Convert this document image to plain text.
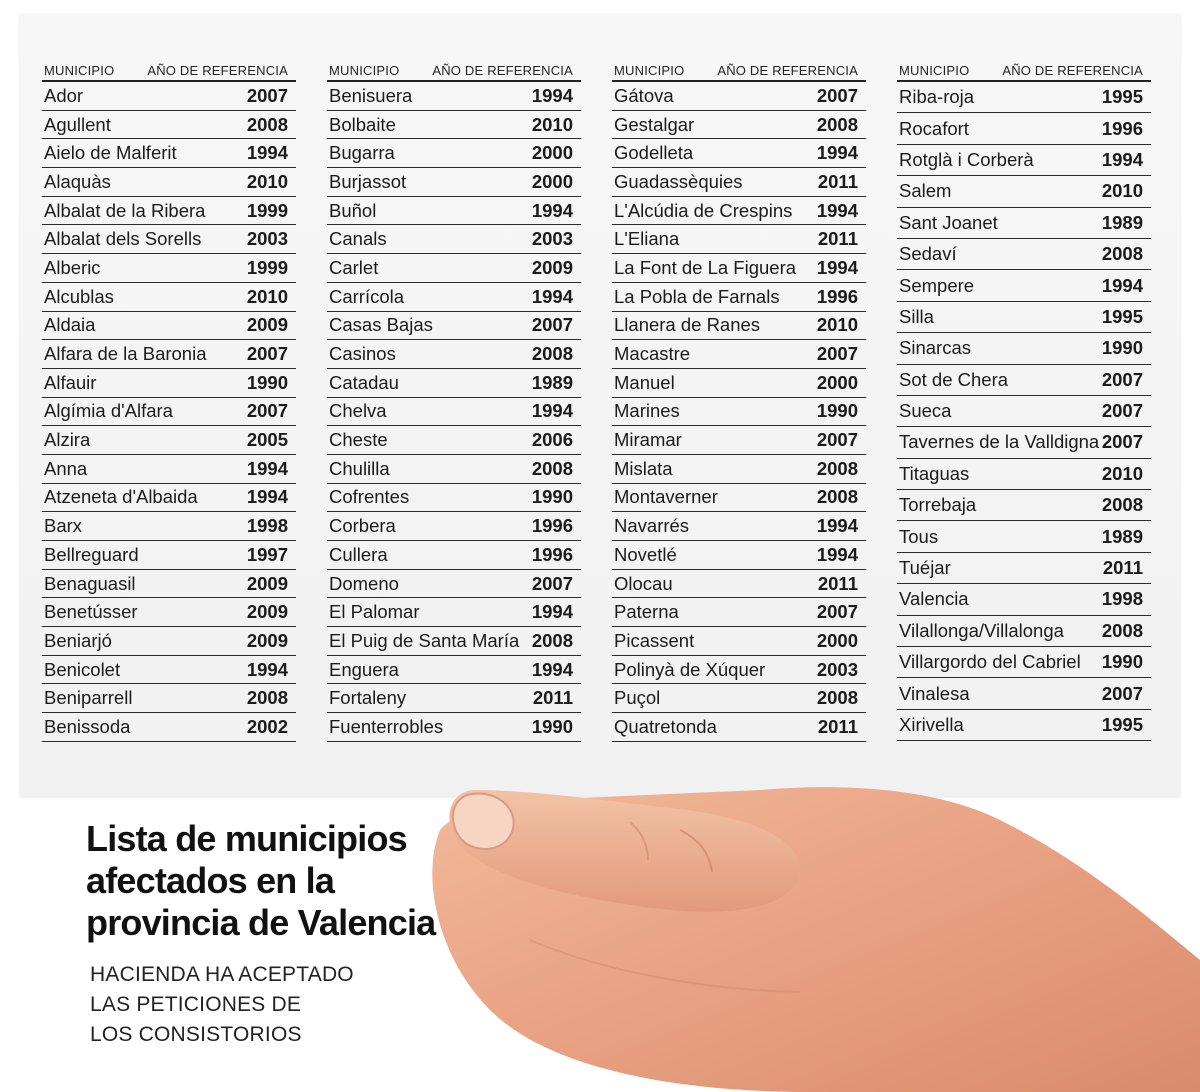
MUNICIPIO	AÑO DE REFERENCIA
Ador	2007
Agullent	2008
Aielo de Malferit	1994
Alaquàs	2010
Albalat de la Ribera 1999
Albalat dels Sorells 2003
Alberic	1999
Alcublas	2010
Aldaia	2009
Alfara de la Baronia 2007
Alfauir	1990
Algímia d'Alfara	2007
Alzira	2005
Anna	1994
Atzeneta d'Albaida	1994
Barx	1998
Bellreguard	1997
Benaguasil	2009
Benetússer	2009
Beniarjó	2009
Benicolet	1994
Beniparrell	2008
Benissoda	2002
MUNICIPIO	AÑO DE REFERENCIA
Benisuera	1994
Bolbaite	2010
Bugarra	2000
Burjassot	2000
Buñol	1994
Canals	2003
Carlet	2009
Carrícola	1994
Casas Bajas	2007
Casinos	2008
Catadau	1989
Chelva	1994
Cheste	2006
Chulilla	2008
Cofrentes	1990
Corbera	1996
Cullera	1996
Domeno	2007
El Palomar	1994
El Puig de Santa María 2008
Enguera	1994
Fortaleny	2011
Fuenterrobles	1990
MUNICIPIO	AÑO DE REFERENCIA
Gátova	2007
Gestalgar	2008
Godelleta	1994
Guadassèquies	2011
L'Alcúdia de Crespins 1994
L'Eliana	2011
La Font de La Figuera 1994
La Pobla de Farnals 1996
Llanera de Ranes	2010
Macastre	2007
Manuel	2000
Marines	1990
Miramar	2007
Mislata	2008
Montaverner	2008
Navarrés	1994
Novetlé	1994
Olocau	2011
Paterna	2007
Picassent	2000
Polinyà de Xúquer	2003
Puçol	2008
Quatretonda	2011
MUNICIPIO	AÑO DE REFERENCIA
Riba-roja	1995
Rocafort	1996
Rotglà i Corberà	1994
Salem	2010
Sant Joanet	1989
Sedaví	2008
Sempere	1994
Silla	1995
Sinarcas	1990
Sot de Chera	2007
Sueca	2007
Tavernes de la Valldigna 2007
Titaguas	2010
Torrebaja	2008
Tous	1989
Tuéjar	2011
Valencia	1998
Vilallonga/Villalonga 2008
Villargordo del Cabriel 1990
Vinalesa	2007
Xirivella	1995
Lista de municipios afectados en la provincia de Valencia
HACIENDA HA ACEPTADO
LAS PETICIONES DE
LOS CONSISTORIOS
